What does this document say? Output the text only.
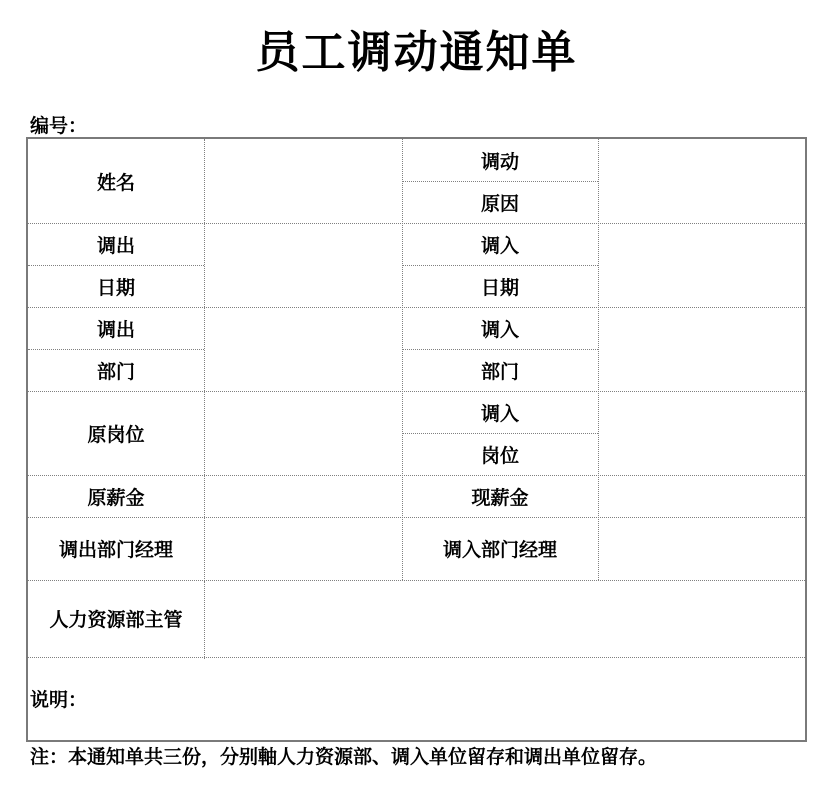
员工调动通知单
编号：
姓名
调动
原因
调出
日期
调入
日期
调出
部门
调入
部门
原岗位
调入
岗位
原薪金	现薪金
调出部门经理	调入部门经理
人力资源部主管
说明：
注：本通知单共三份，分别軸人力资源部、调入单位留存和调出单位留存。
